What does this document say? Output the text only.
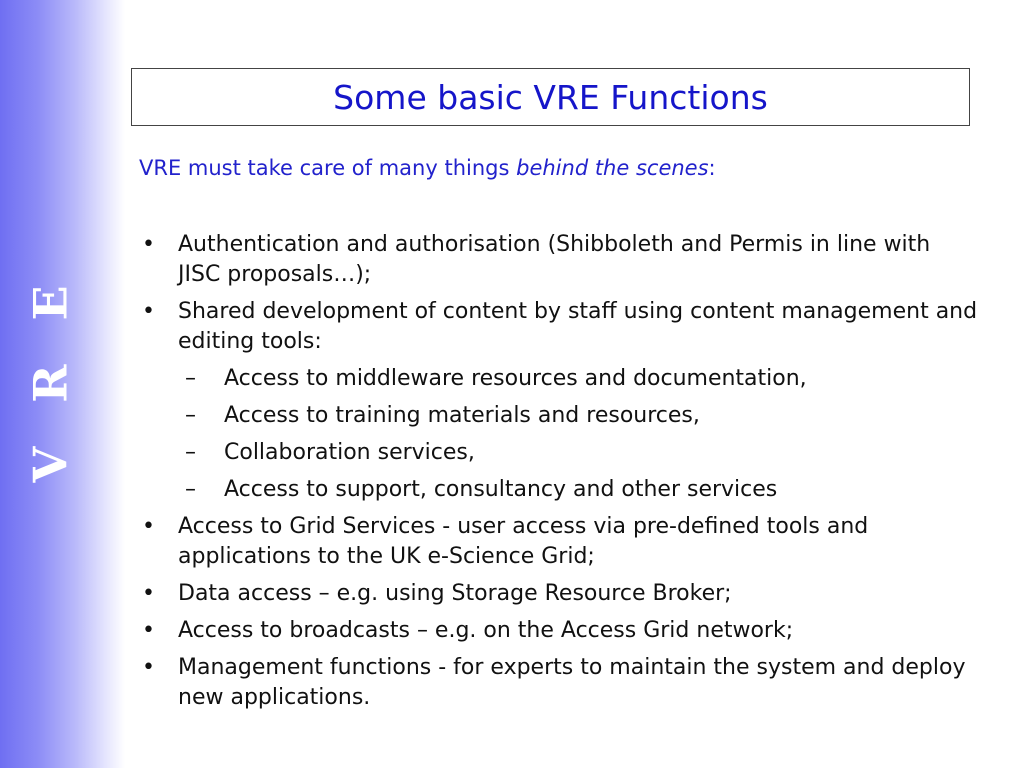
V R E
Some basic VRE Functions
VRE must take care of many things behind the scenes:
• Authentication and authorisation (Shibboleth and Permis in line with JISC proposals…);
• Shared development of content by staff using content management and editing tools:
– Access to middleware resources and documentation,
– Access to training materials and resources,
– Collaboration services,
– Access to support, consultancy and other services
• Access to Grid Services - user access via pre-defined tools and applications to the UK e-Science Grid;
• Data access – e.g. using Storage Resource Broker;
• Access to broadcasts – e.g. on the Access Grid network;
• Management functions - for experts to maintain the system and deploy new applications.
